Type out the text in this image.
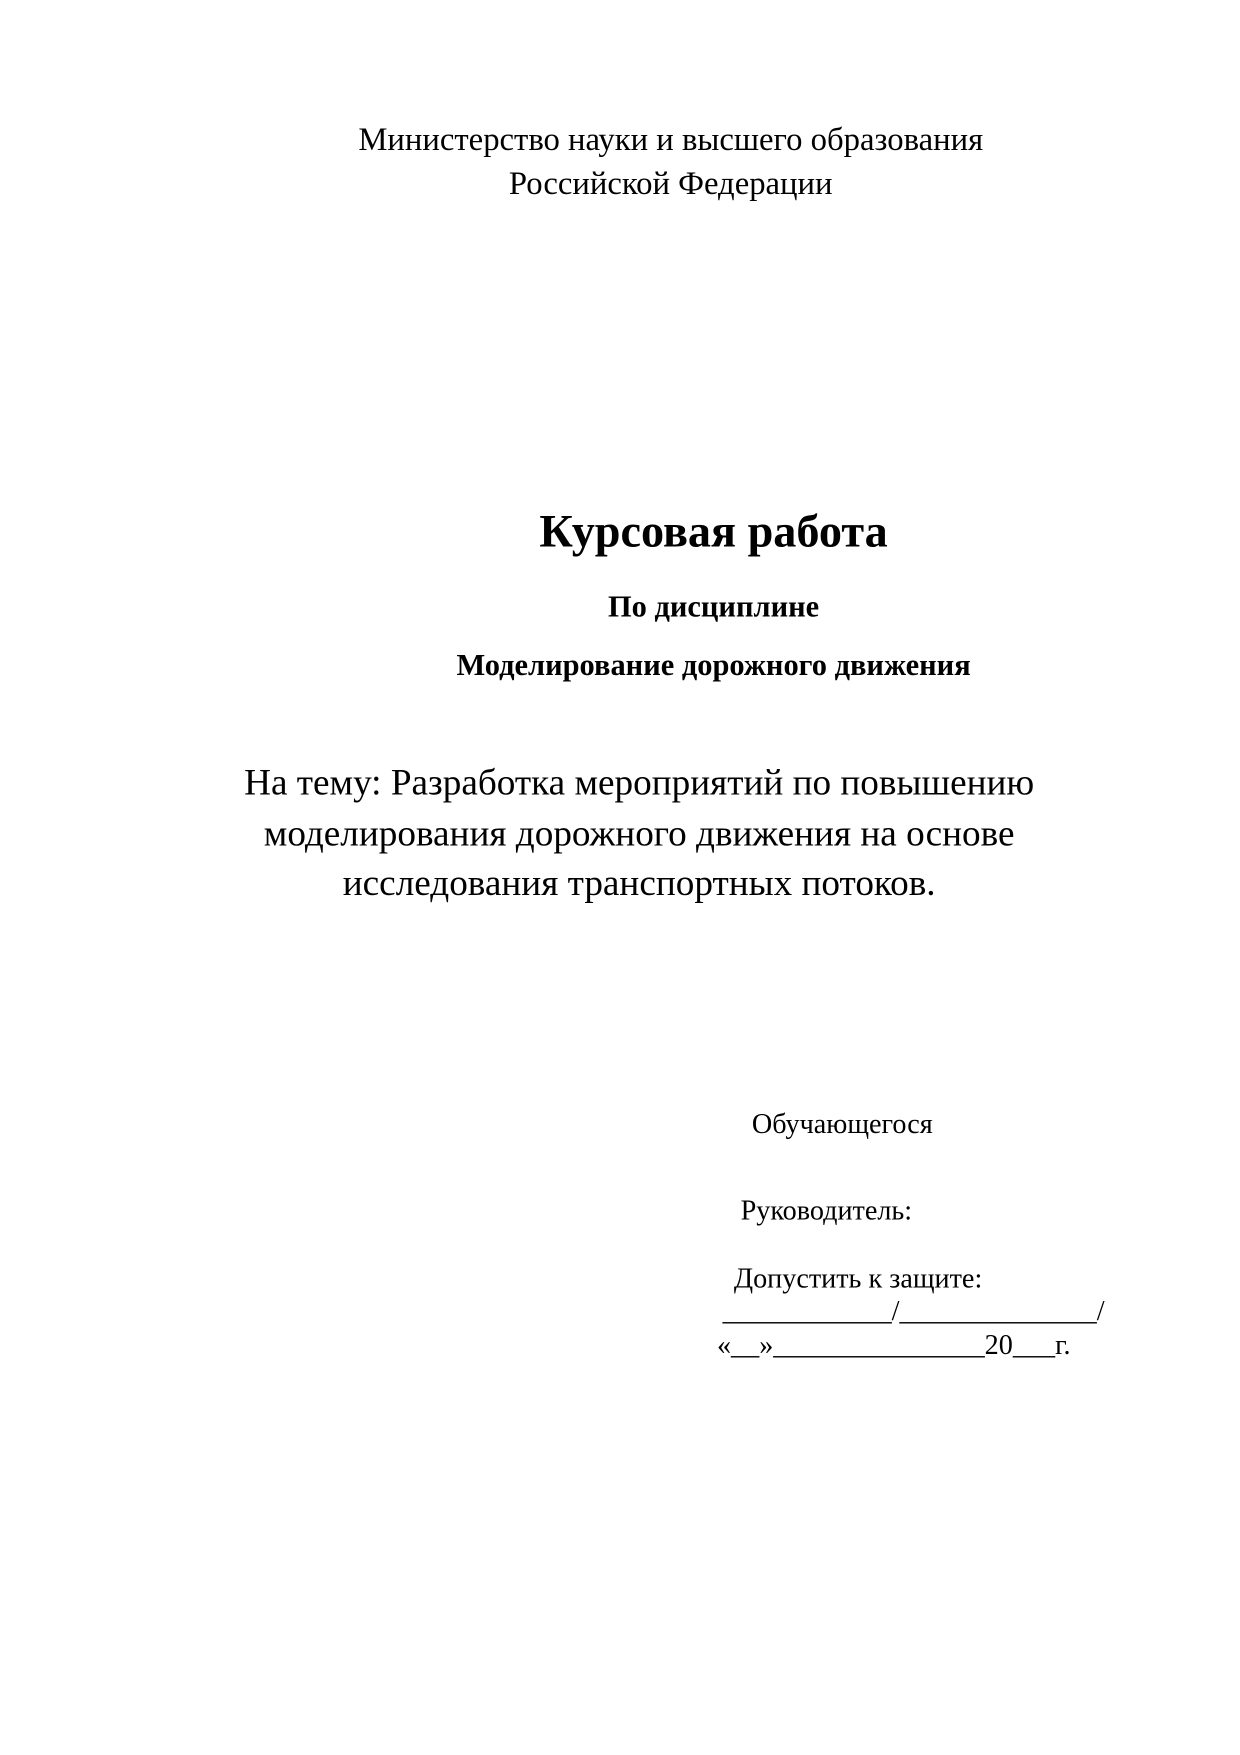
Министерство науки и высшего образования

Российской Федерации

Курсовая работа

По дисциплине

Моделирование дорожного движения

На тему: Разработка мероприятий по повышению

моделирования дорожного движения на основе

исследования транспортных потоков.

Обучающегося

Руководитель:

Допустить к защите:

____________/______________/

«__»_______________20___г.
